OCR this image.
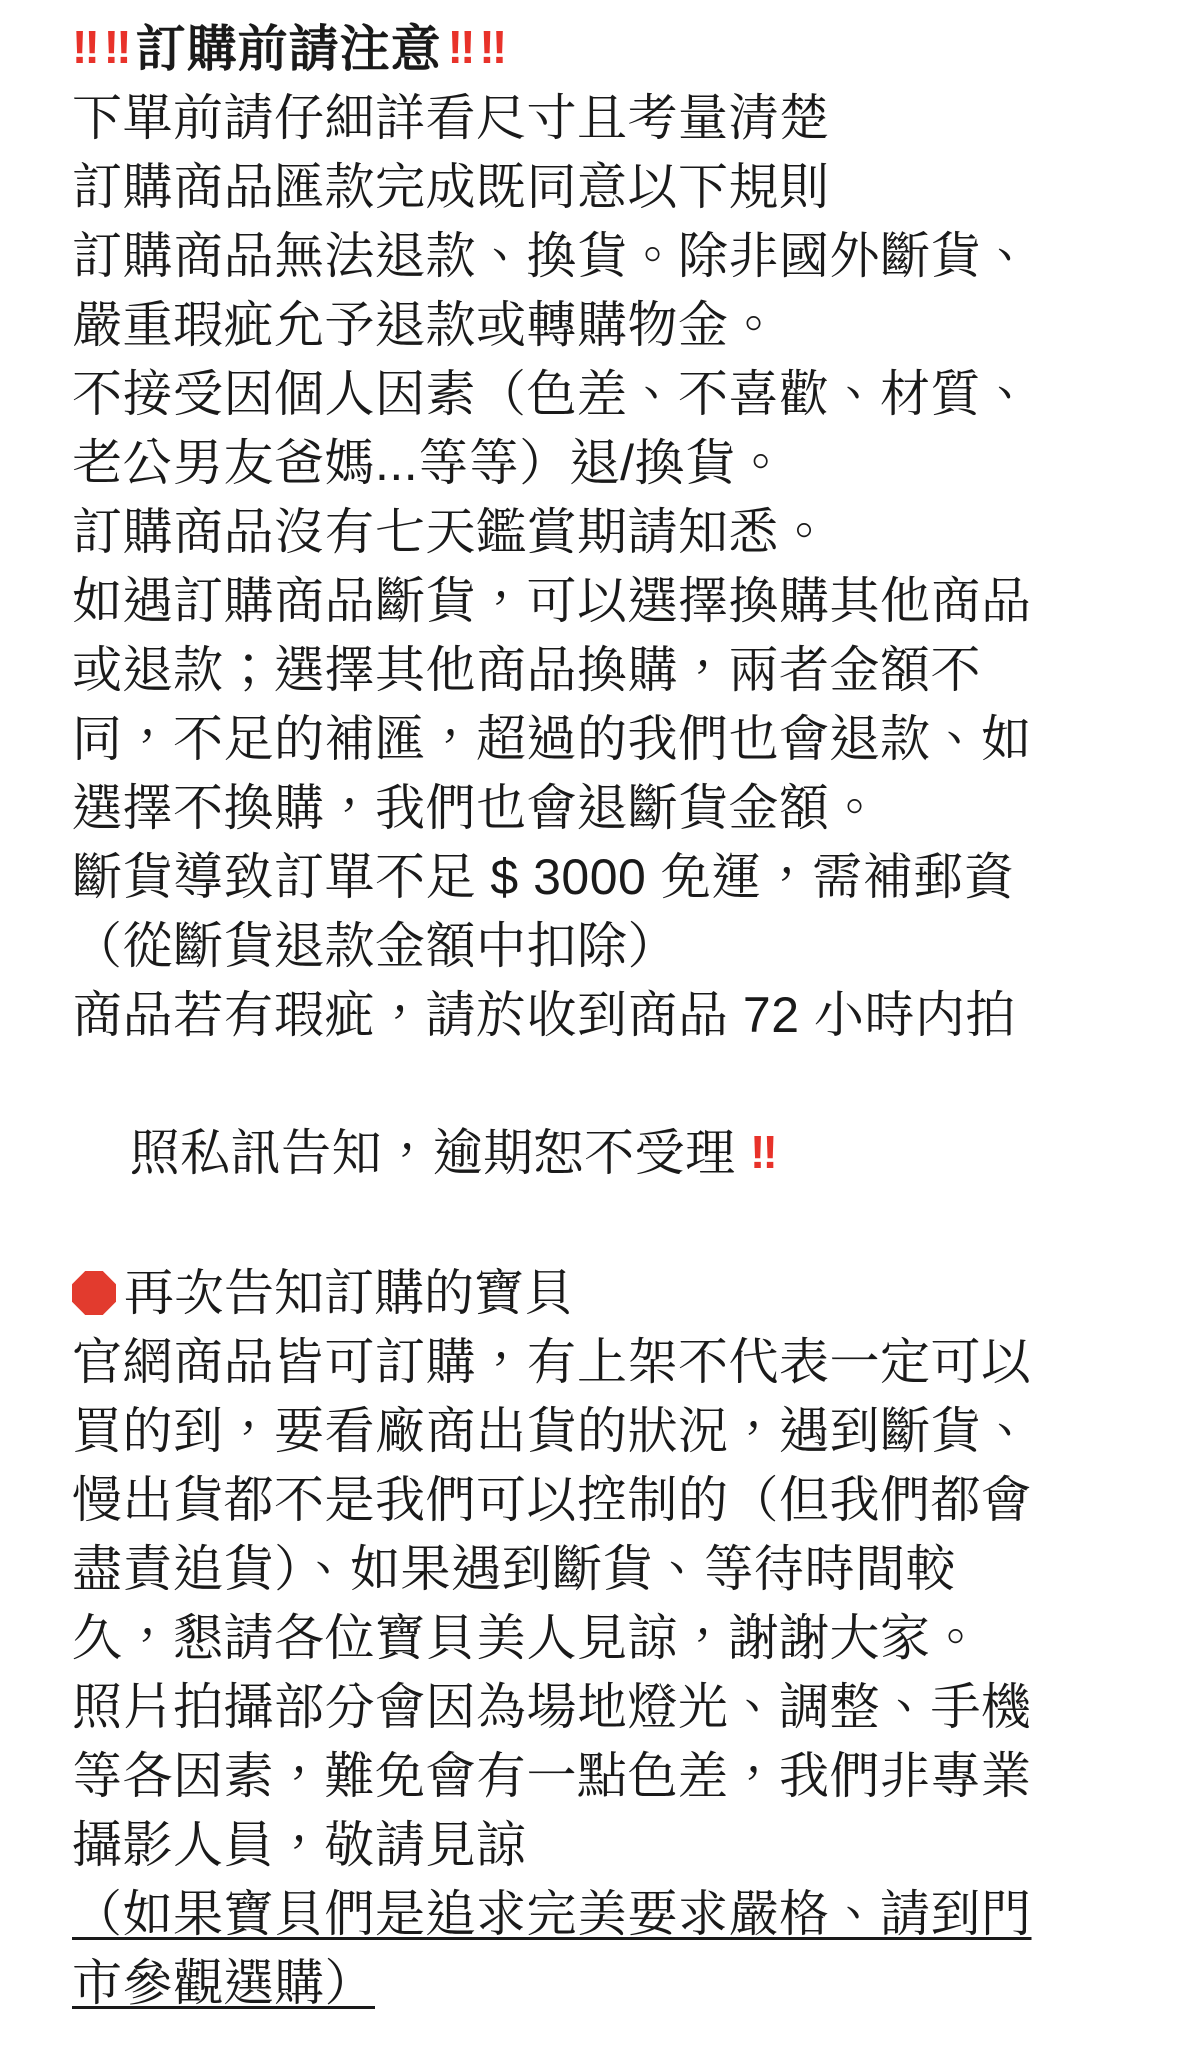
‼ ‼ 訂購前請注意 ‼ ‼
下單前請仔細詳看尺寸且考量清楚
訂購商品匯款完成既同意以下規則
訂購商品無法退款、換貨。除非國外斷貨、
嚴重瑕疵允予退款或轉購物金。
不接受因個人因素（色差、不喜歡、材質、
老公男友爸媽...等等）退/換貨。
訂購商品沒有七天鑑賞期請知悉。
如遇訂購商品斷貨，可以選擇換購其他商品
或退款；選擇其他商品換購，兩者金額不
同，不足的補匯，超過的我們也會退款、如
選擇不換購，我們也會退斷貨金額。
斷貨導致訂單不足 $ 3000 免運，需補郵資
（從斷貨退款金額中扣除）
商品若有瑕疵，請於收到商品 72 小時内拍

照私訊告知，逾期恕不受理 ‼

再次告知訂購的寶貝
官網商品皆可訂購，有上架不代表一定可以
買的到，要看廠商出貨的狀況，遇到斷貨、
慢出貨都不是我們可以控制的（但我們都會
盡責追貨）、如果遇到斷貨、等待時間較
久，懇請各位寶貝美人見諒，謝謝大家。
照片拍攝部分會因為場地燈光、調整、手機
等各因素，難免會有一點色差，我們非專業
攝影人員，敬請見諒
（如果寶貝們是追求完美要求嚴格、請到門
市參觀選購）
